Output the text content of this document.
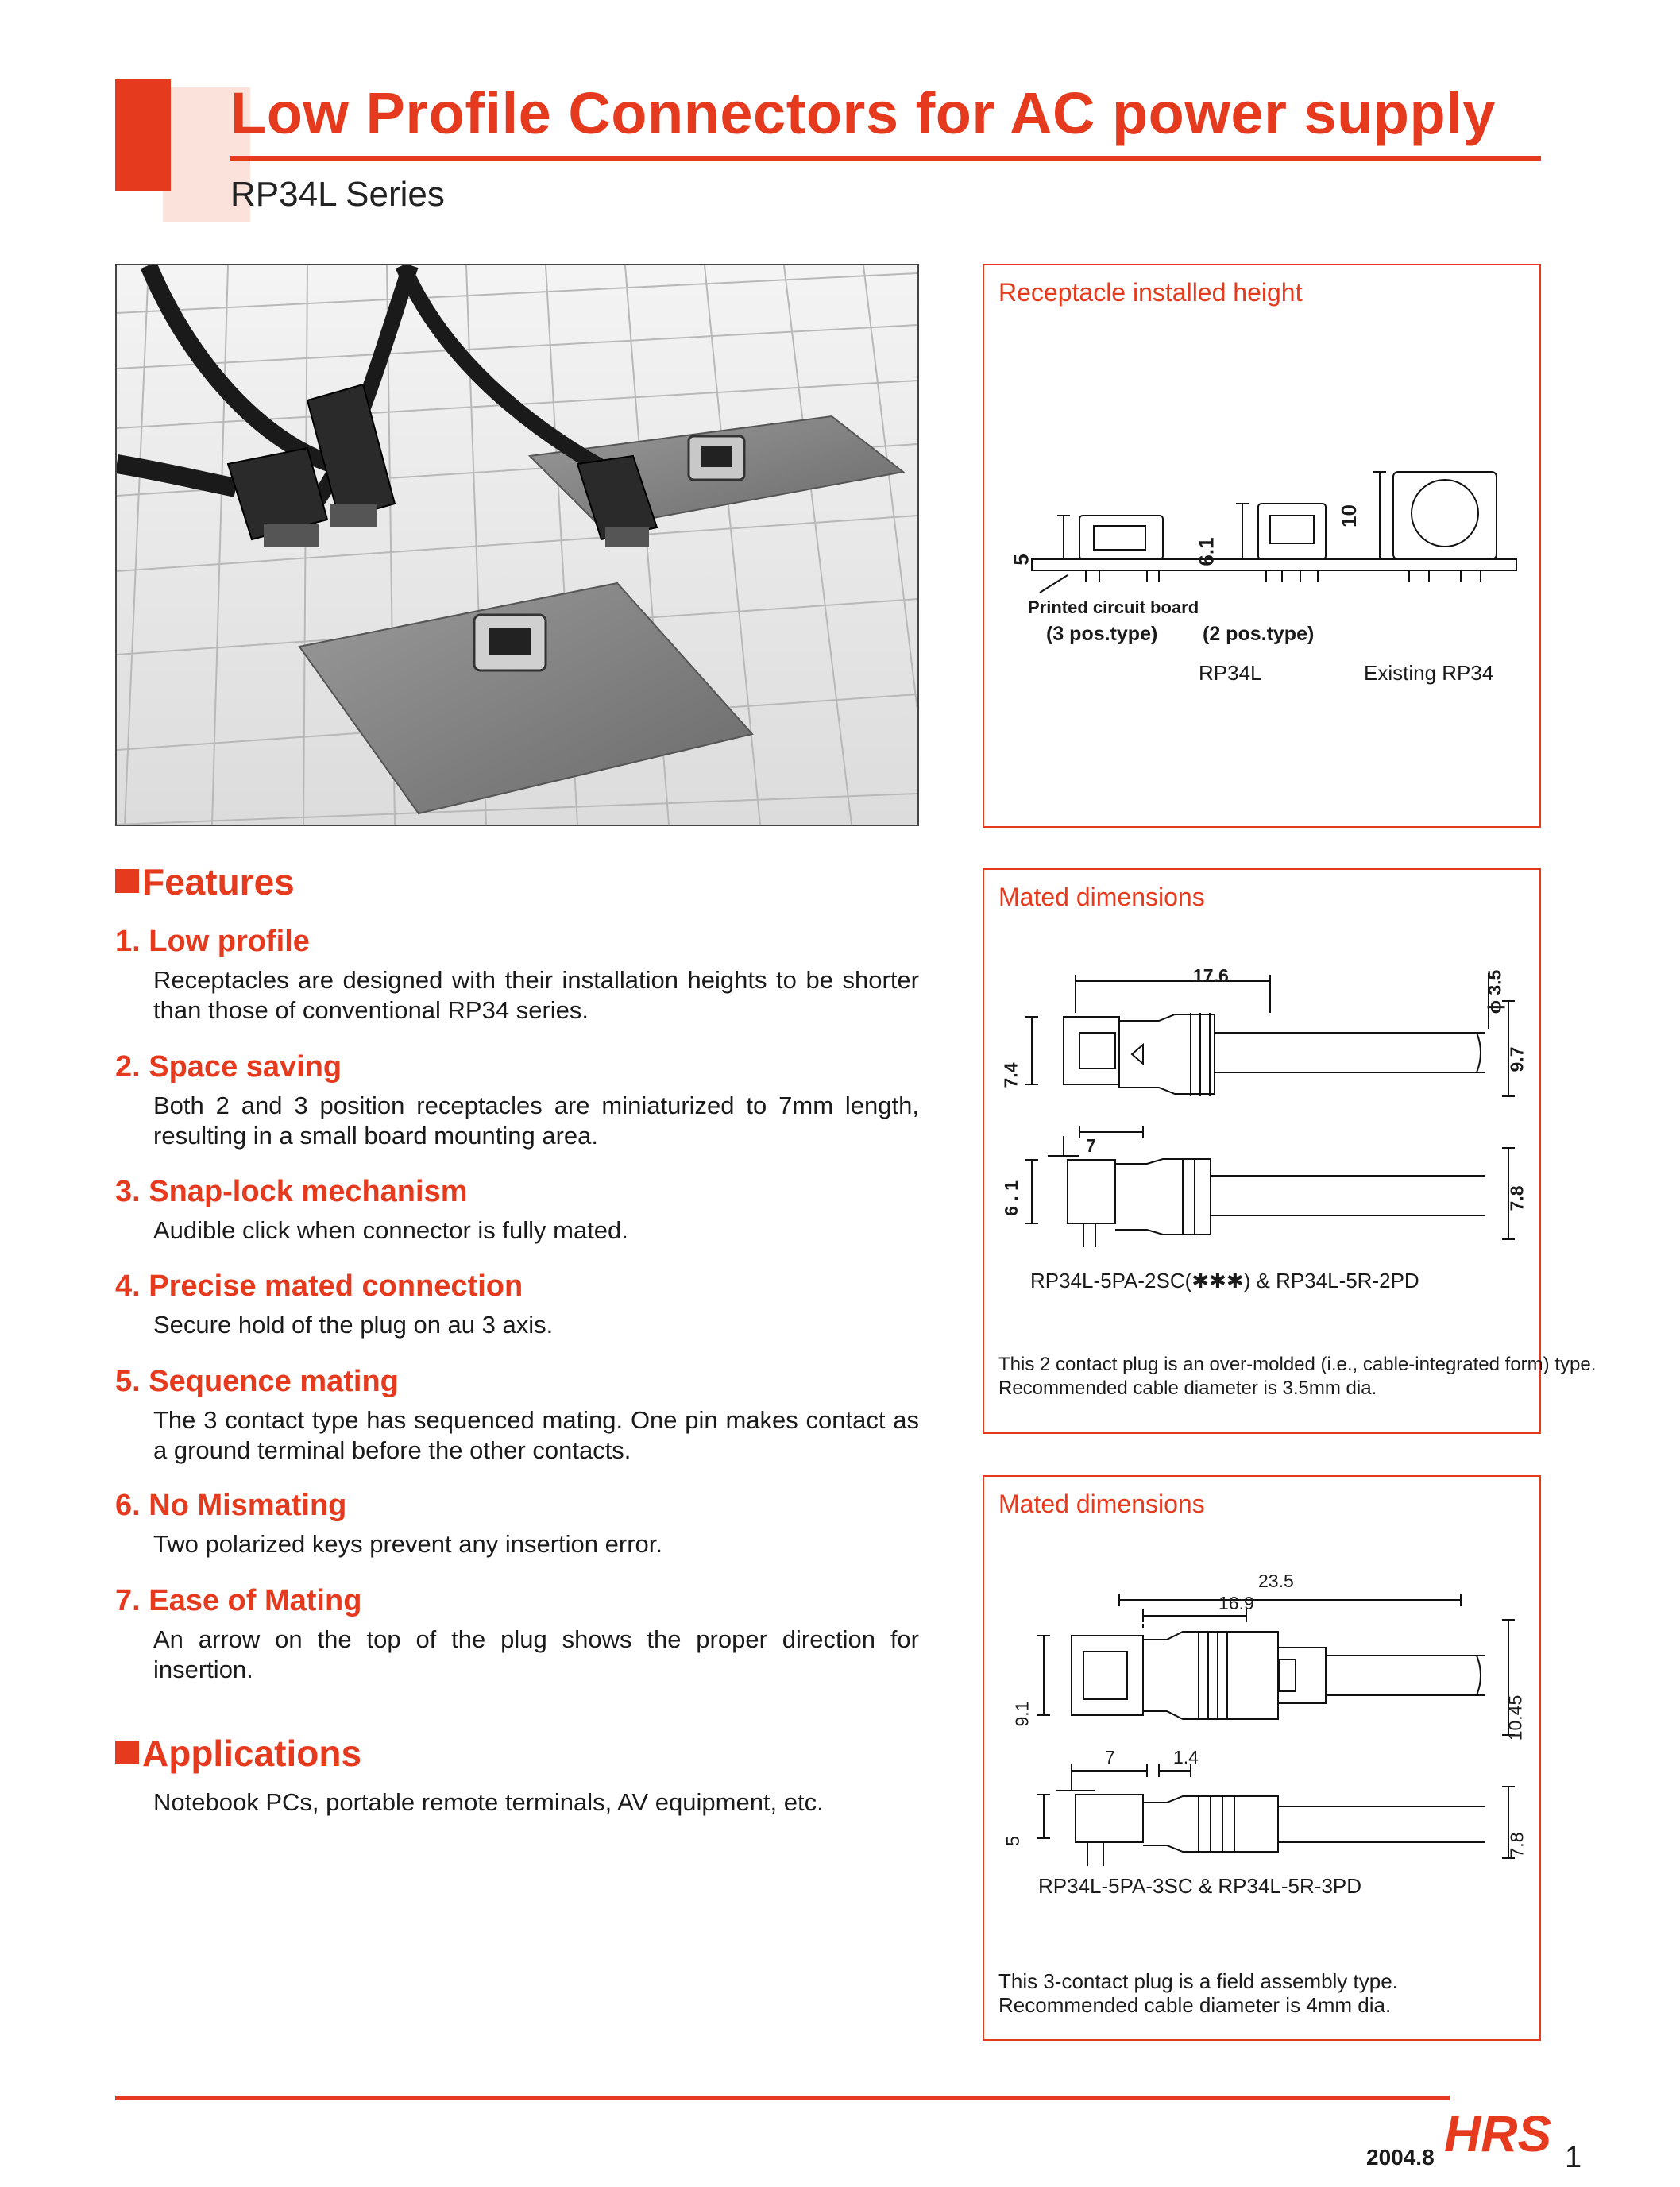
Low Profile Connectors for AC power supply
RP34L Series
Receptacle installed height
5	6.1
10
Printed circuit board
(3 pos.type) (2 pos.type)
RP34L	Existing RP34
Mated dimensions
17.6	ϕ 3.5
7.4
9.7
7
6 . 1	7.8
RP34L-5PA-2SC(✱✱✱) & RP34L-5R-2PD
This 2 contact plug is an over-molded (i.e., cable-integrated form) type.
Recommended cable diameter is 3.5mm dia.
Mated dimensions
23.5
16.9
9.1	10.45
7	1.4
5	7.8
RP34L-5PA-3SC & RP34L-5R-3PD
This 3-contact plug is a field assembly type.
Recommended cable diameter is 4mm dia.
Features
1. Low profile

Receptacles are designed with their installation heights to be shorter than those of conventional RP34 series.

2. Space saving

Both 2 and 3 position receptacles are miniaturized to 7mm length, resulting in a small board mounting area.

3. Snap-lock mechanism

Audible click when connector is fully mated.

4. Precise mated connection

Secure hold of the plug on au 3 axis.

5. Sequence mating

The 3 contact type has sequenced mating. One pin makes contact as a ground terminal before the other contacts.

6. No Mismating

Two polarized keys prevent any insertion error.

7. Ease of Mating

An arrow on the top of the plug shows the proper direction for insertion.

Applications

Notebook PCs, portable remote terminals, AV equipment, etc.

2004.8 HRS 1
